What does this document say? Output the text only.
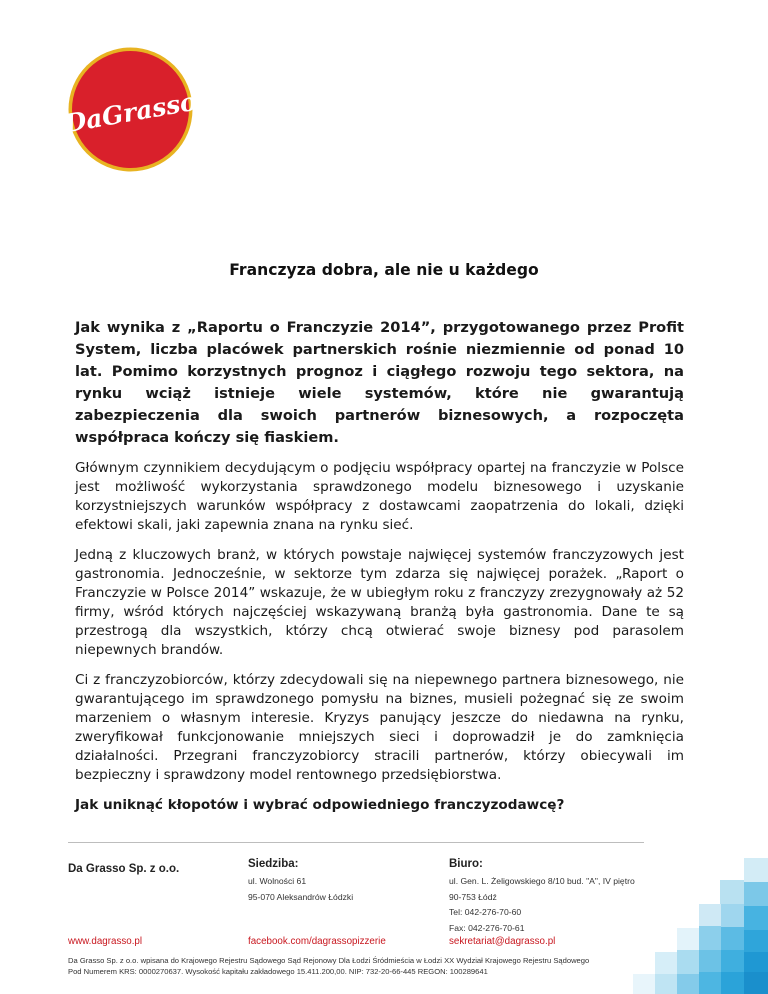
DaGrasso
Franczyza dobra, ale nie u każdego

Jak wynika z „Raportu o Franczyzie 2014”, przygotowanego przez Profit System, liczba placówek partnerskich rośnie niezmiennie od ponad 10 lat. Pomimo korzystnych prognoz i ciągłego rozwoju tego sektora, na rynku wciąż istnieje wiele systemów, które nie gwarantują zabezpieczenia dla swoich partnerów biznesowych, a rozpoczęta współpraca kończy się fiaskiem.

Głównym czynnikiem decydującym o podjęciu współpracy opartej na franczyzie w Polsce jest możliwość wykorzystania sprawdzonego modelu biznesowego i uzyskanie korzystniejszych warunków współpracy z dostawcami zaopatrzenia do lokali, dzięki efektowi skali, jaki zapewnia znana na rynku sieć.

Jedną z kluczowych branż, w których powstaje najwięcej systemów franczyzowych jest gastronomia. Jednocześnie, w sektorze tym zdarza się najwięcej porażek. „Raport o Franczyzie w Polsce 2014” wskazuje, że w ubiegłym roku z franczyzy zrezygnowały aż 52 firmy, wśród których najczęściej wskazywaną branżą była gastronomia. Dane te są przestrogą dla wszystkich, którzy chcą otwierać swoje biznesy pod parasolem niepewnych brandów.

Ci z franczyzobiorców, którzy zdecydowali się na niepewnego partnera biznesowego, nie gwarantującego im sprawdzonego pomysłu na biznes, musieli pożegnać się ze swoim marzeniem o własnym interesie. Kryzys panujący jeszcze do niedawna na rynku, zweryfikował funkcjonowanie mniejszych sieci i doprowadził je do zamknięcia działalności. Przegrani franczyzobiorcy stracili partnerów, którzy obiecywali im bezpieczny i sprawdzony model rentownego przedsiębiorstwa.

Jak uniknąć kłopotów i wybrać odpowiedniego franczyzodawcę?

Da Grasso Sp. z o.o.	Siedziba:
ul. Wolności 61
95-070 Aleksandrów Łódzki
Biuro:
ul. Gen. L. Żeligowskiego 8/10 bud. "A", IV piętro
90-753 Łódź
Tel: 042-276-70-60
Fax: 042-276-70-61
www.dagrasso.pl	facebook.com/dagrassopizzerie	sekretariat@dagrasso.pl
Da Grasso Sp. z o.o. wpisana do Krajowego Rejestru Sądowego Sąd Rejonowy Dla Łodzi Śródmieścia w Łodzi XX Wydział Krajowego Rejestru Sądowego
Pod Numerem KRS: 0000270637. Wysokość kapitału zakładowego 15.411.200,00. NIP: 732-20-66-445 REGON: 100289641
